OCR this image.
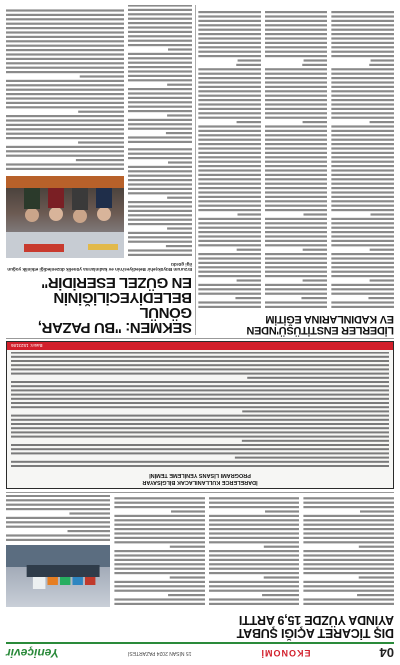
04
EKONOMİ
15 NİSAN 2024 PAZARTESİ
Yeniçevir
DIŞ TİCARET AÇIĞI ŞUBAT
AYINDA YÜZDE 15,9 ARTTI
İDARELERCE KULLANILACAK BİLGİSAYAR
PROGRAMI LİSANS YENİLEME TEMİNİ
Basın: 1523186
LİDERLER ENSTİTÜSÜ'NDEN
EV KADINLARINA EĞİTİM
SEKMEN: "BU PAZAR,
GÖNÜL BELEDİYECİLİĞİNİN
EN GÜZEL ESERİDİR"
Erzurum Büyükşehir Belediyesi'nin ev kadınlarına yönelik düzenlediği etkinlik yoğun ilgi gördü
